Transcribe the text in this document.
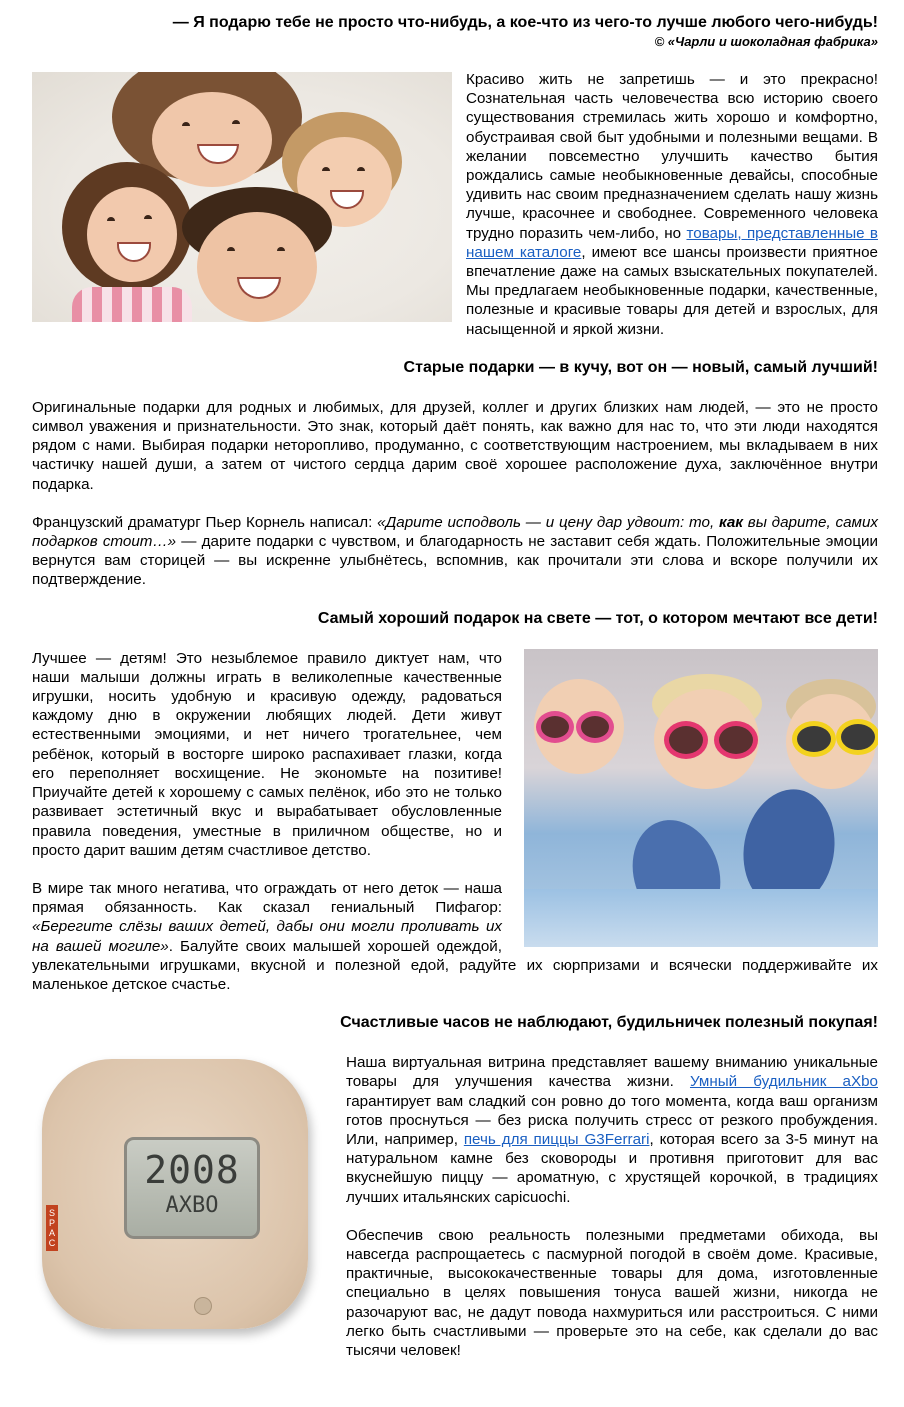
— Я подарю тебе не просто что-нибудь, а кое-что из чего-то лучше любого чего-нибудь!
© «Чарли и шоколадная фабрика»

Красиво жить не запретишь — и это прекрасно! Сознательная часть человечества всю историю своего существования стремилась жить хорошо и комфортно, обустраивая свой быт удобными и полезными вещами. В желании повсеместно улучшить качество бытия рождались самые необыкновенные девайсы, способные удивить нас своим предназначением сделать нашу жизнь лучше, красочнее и свободнее. Современного человека трудно поразить чем-либо, но товары, представленные в нашем каталоге, имеют все шансы произвести приятное впечатление даже на самых взыскательных покупателей. Мы предлагаем необыкновенные подарки, качественные, полезные и красивые товары для детей и взрослых, для насыщенной и яркой жизни.

Старые подарки — в кучу, вот он — новый, самый лучший!

Оригинальные подарки для родных и любимых, для друзей, коллег и других близких нам людей, — это не просто символ уважения и признательности. Это знак, который даёт понять, как важно для нас то, что эти люди находятся рядом с нами. Выбирая подарки неторопливо, продуманно, с соответствующим настроением, мы вкладываем в них частичку нашей души, а затем от чистого сердца дарим своё хорошее расположение духа, заключённое внутри подарка.

Французский драматург Пьер Корнель написал: «Дарите исподволь — и цену дар удвоит: то, как вы дарите, самих подарков стоит…» — дарите подарки с чувством, и благодарность не заставит себя ждать. Положительные эмоции вернутся вам сторицей — вы искренне улыбнётесь, вспомнив, как прочитали эти слова и вскоре получили их подтверждение.

Самый хороший подарок на свете — тот, о котором мечтают все дети!

Лучшее — детям! Это незыблемое правило диктует нам, что наши малыши должны играть в великолепные качественные игрушки, носить удобную и красивую одежду, радоваться каждому дню в окружении любящих людей. Дети живут естественными эмоциями, и нет ничего трогательнее, чем ребёнок, который в восторге широко распахивает глазки, когда его переполняет восхищение. Не экономьте на позитиве! Приучайте детей к хорошему с самых пелёнок, ибо это не только развивает эстетичный вкус и вырабатывает обусловленные правила поведения, уместные в приличном обществе, но и просто дарит вашим детям счастливое детство.

В мире так много негатива, что ограждать от него деток — наша прямая обязанность. Как сказал гениальный Пифагор: «Берегите слёзы ваших детей, дабы они могли проливать их на вашей могиле». Балуйте своих малышей хорошей одеждой, увлекательными игрушками, вкусной и полезной едой, радуйте их сюрпризами и всячески поддерживайте их маленькое детское счастье.

Счастливые часов не наблюдают, будильничек полезный покупая!
SPAC
2008
AXBO

Наша виртуальная витрина представляет вашему вниманию уникальные товары для улучшения качества жизни. Умный будильник aXbo гарантирует вам сладкий сон ровно до того момента, когда ваш организм готов проснуться — без риска получить стресс от резкого пробуждения. Или, например, печь для пиццы G3Ferrari, которая всего за 3-5 минут на натуральном камне без сковороды и противня приготовит для вас вкуснейшую пиццу — ароматную, с хрустящей корочкой, в традициях лучших итальянских capicuochi.

Обеспечив свою реальность полезными предметами обихода, вы навсегда распрощаетесь с пасмурной погодой в своём доме. Красивые, практичные, высококачественные товары для дома, изготовленные специально в целях повышения тонуса вашей жизни, никогда не разочаруют вас, не дадут повода нахмуриться или расстроиться. С ними легко быть счастливыми — проверьте это на себе, как сделали до вас тысячи человек!
